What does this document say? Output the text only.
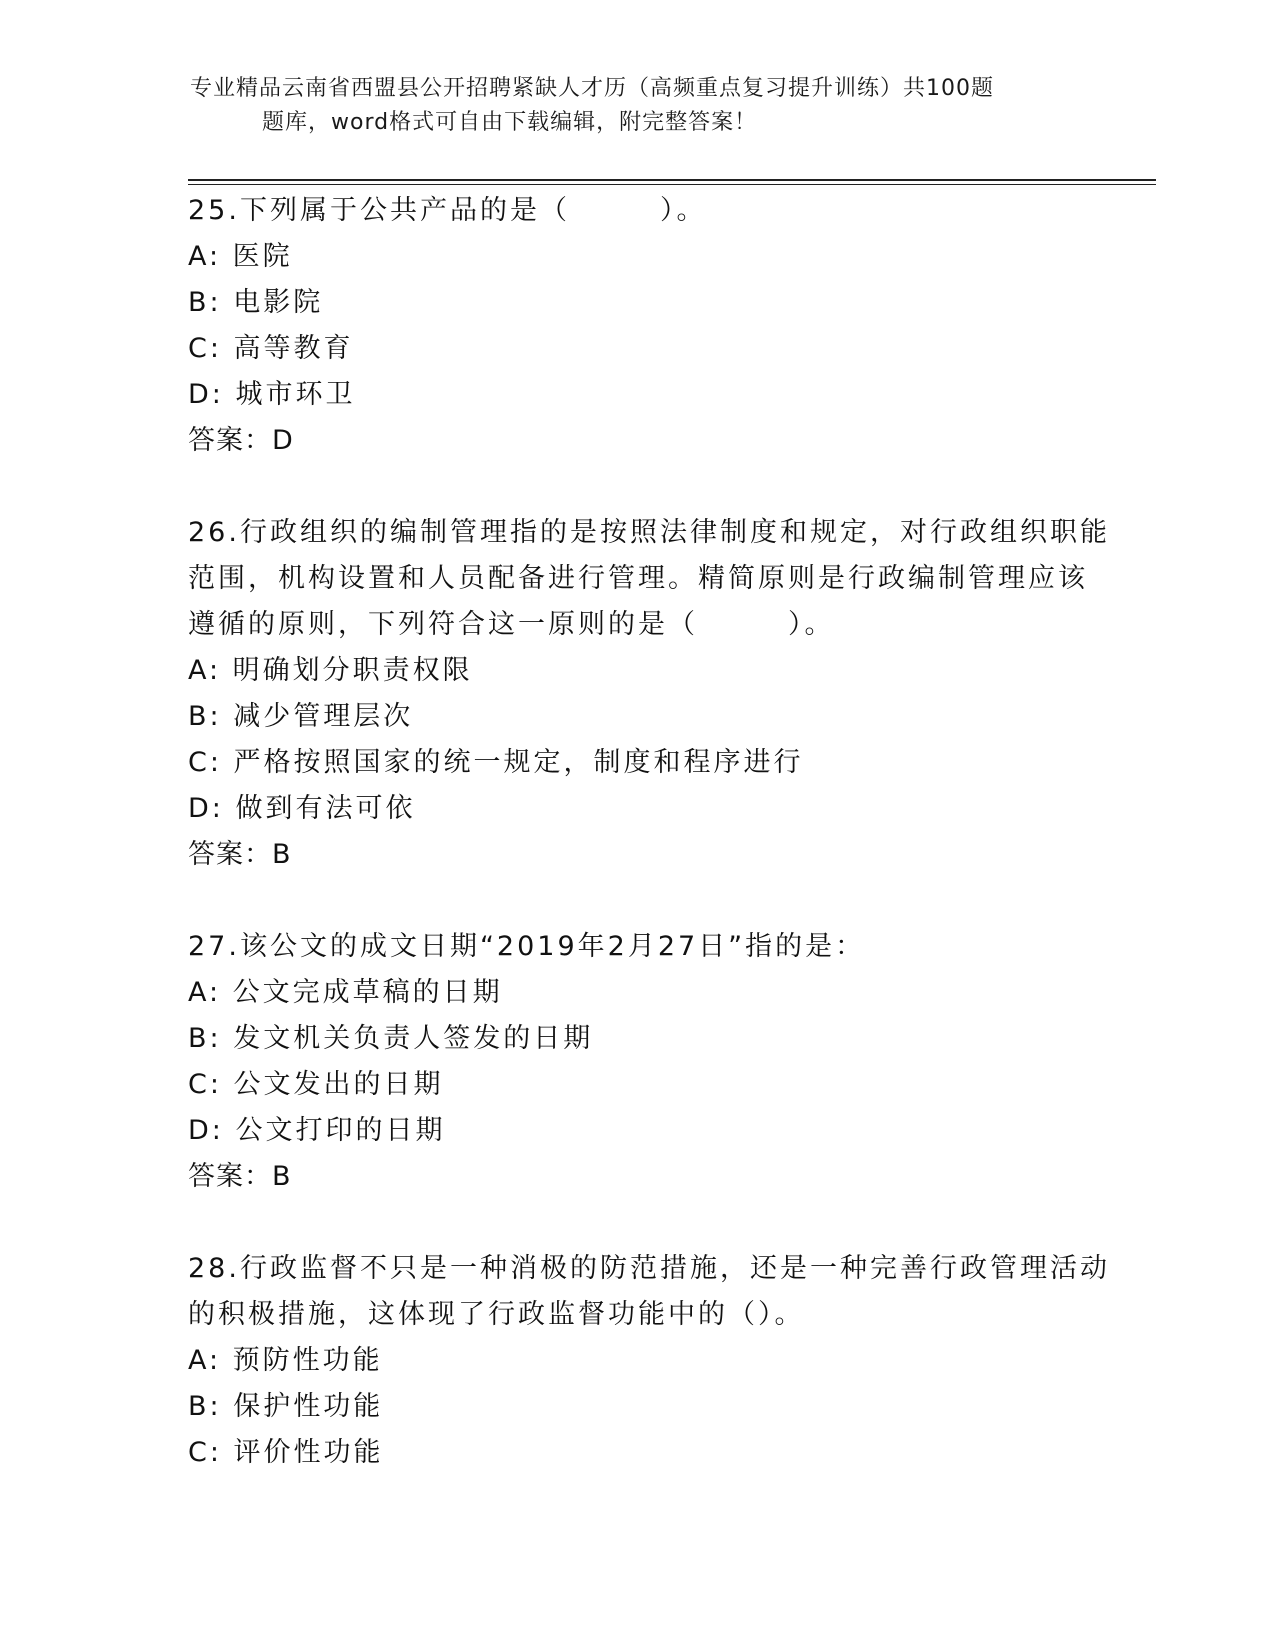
专业精品云南省西盟县公开招聘紧缺人才历（高频重点复习提升训练）共100题
题库，word格式可自由下载编辑，附完整答案！
25.下列属于公共产品的是（　　　）。
A: 医院
B: 电影院
C: 高等教育
D: 城市环卫
答案：D
26.行政组织的编制管理指的是按照法律制度和规定，对行政组织职能
范围，机构设置和人员配备进行管理。精简原则是行政编制管理应该
遵循的原则，下列符合这一原则的是（　　　）。
A: 明确划分职责权限
B: 减少管理层次
C: 严格按照国家的统一规定，制度和程序进行
D: 做到有法可依
答案：B
27.该公文的成文日期“2019年2月27日”指的是：
A: 公文完成草稿的日期
B: 发文机关负责人签发的日期
C: 公文发出的日期
D: 公文打印的日期
答案：B
28.行政监督不只是一种消极的防范措施，还是一种完善行政管理活动
的积极措施，这体现了行政监督功能中的（）。
A: 预防性功能
B: 保护性功能
C: 评价性功能
